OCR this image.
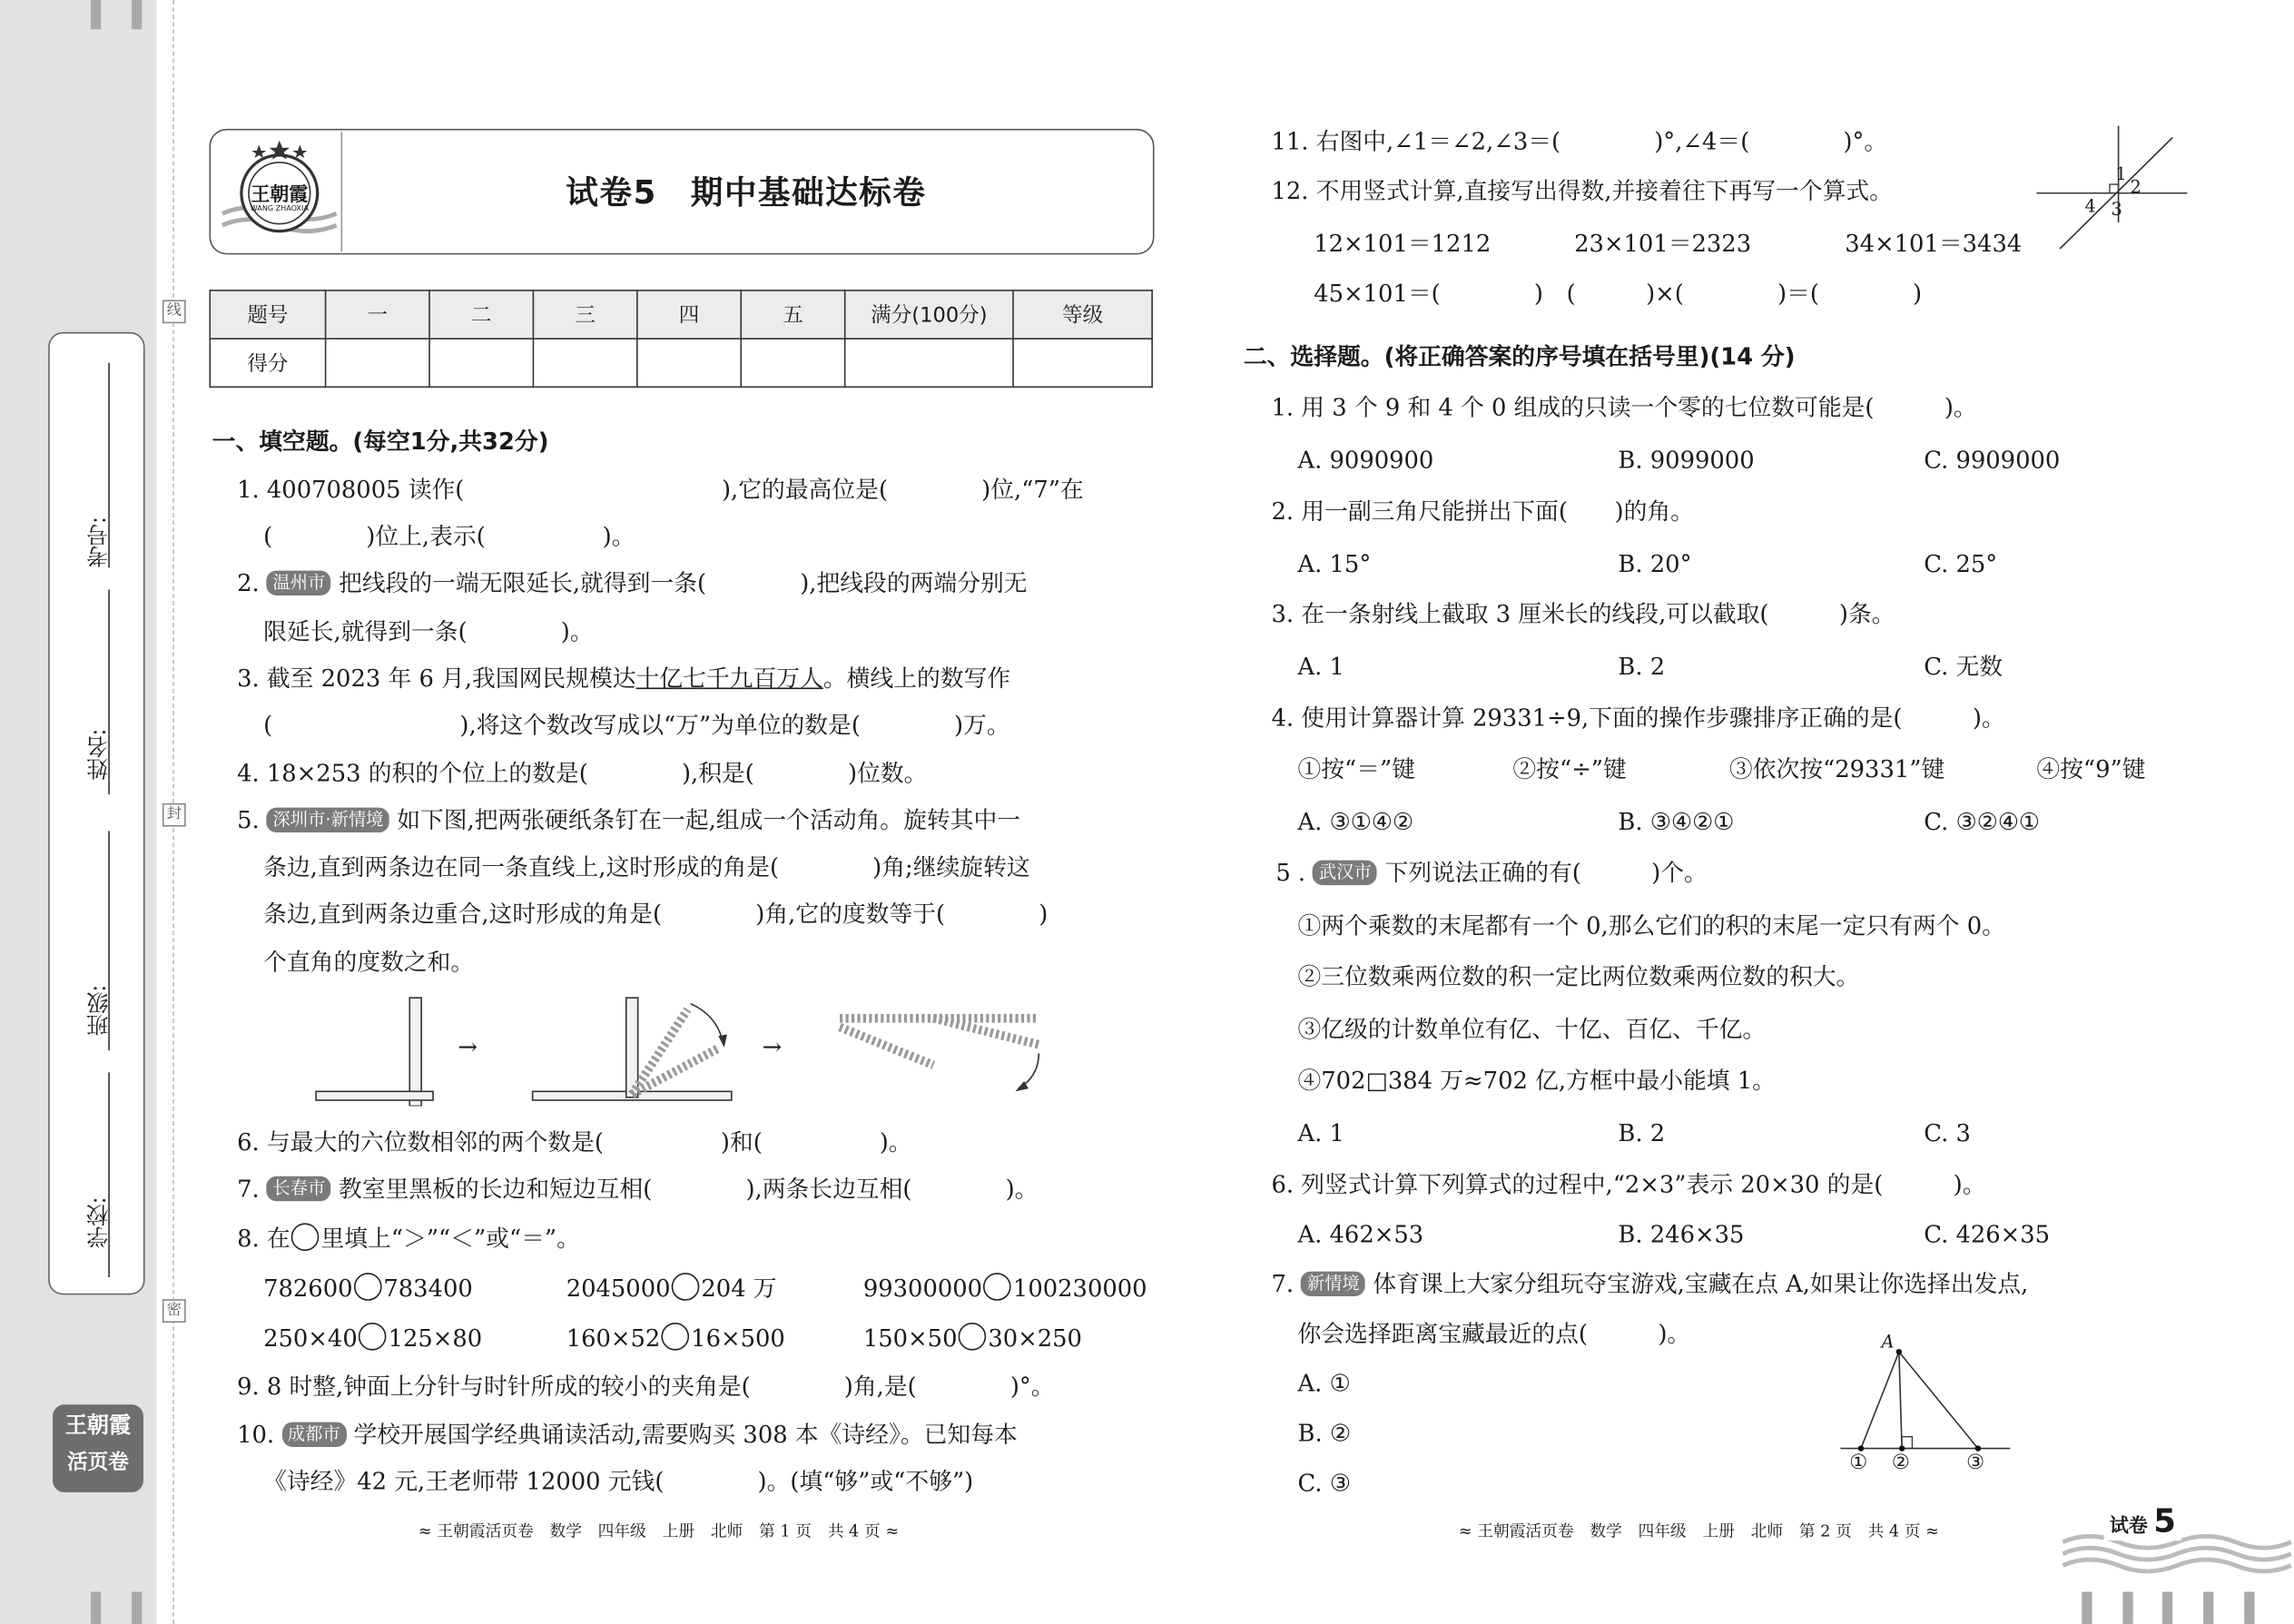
线
封
密
考号:
姓名:
班级:
学校:
王朝霞
活页卷
王朝霞
WANG ZHAOXIA	试卷5　期中基础达标卷
题号	一	二	三	四	五	满分(100分)	等级
得分							
一、填空题。(每空1分,共32分)
1. 400708005 读作(　　　　　　　　　　　),它的最高位是(　　　　)位,“7”在
(　　　　)位上,表示(　　　　　)。
2. 温州市 把线段的一端无限延长,就得到一条(　　　　),把线段的两端分别无
限延长,就得到一条(　　　　)。
3. 截至 2023 年 6 月,我国网民规模达十亿七千九百万人。横线上的数写作
(　　　　　　　　),将这个数改写成以“万”为单位的数是(　　　　)万。
4. 18×253 的积的个位上的数是(　　　　),积是(　　　　)位数。
5. 深圳市·新情境 如下图,把两张硬纸条钉在一起,组成一个活动角。旋转其中一
条边,直到两条边在同一条直线上,这时形成的角是(　　　　)角;继续旋转这
条边,直到两条边重合,这时形成的角是(　　　　)角,它的度数等于(　　　　)
个直角的度数之和。
→	→
6. 与最大的六位数相邻的两个数是(　　　　　)和(　　　　　)。
7. 长春市 教室里黑板的长边和短边互相(　　　　),两条长边互相(　　　　)。
8. 在 里填上“＞”“＜”或“＝”。
782600 783400	2045000 204 万	99300000 100230000
250×40 125×80	160×52 16×500	150×50 30×250
9. 8 时整,钟面上分针与时针所成的较小的夹角是(　　　　)角,是(　　　　)°。
10. 成都市 学校开展国学经典诵读活动,需要购买 308 本《诗经》。已知每本
《诗经》42 元,王老师带 12000 元钱(　　　　)。(填“够”或“不够”)
≈ 王朝霞活页卷　数学　四年级　上册　北师　第 1 页　共 4 页 ≈
11. 右图中,∠1＝∠2,∠3＝(　　　　)°,∠4＝(　　　　)°。
12. 不用竖式计算,直接写出得数,并接着往下再写一个算式。
1
2
4 3
12×101＝1212	23×101＝2323	34×101＝3434
45×101＝(　　　　)　(　　　)×(　　　　)＝(　　　　)
二、选择题。(将正确答案的序号填在括号里)(14 分)
1. 用 3 个 9 和 4 个 0 组成的只读一个零的七位数可能是(　　　)。
A. 9090900	B. 9099000	C. 9909000
2. 用一副三角尺能拼出下面(　　)的角。
A. 15°	B. 20°	C. 25°
3. 在一条射线上截取 3 厘米长的线段,可以截取(　　　)条。
A. 1	B. 2	C. 无数
4. 使用计算器计算 29331÷9,下面的操作步骤排序正确的是(　　　)。
①按“＝”键	②按“÷”键	③依次按“29331”键	④按“9”键
A. ③①④②	B. ③④②①	C. ③②④①
5 . 武汉市 下列说法正确的有(　　　)个。
①两个乘数的末尾都有一个 0,那么它们的积的末尾一定只有两个 0。
②三位数乘两位数的积一定比两位数乘两位数的积大。
③亿级的计数单位有亿、十亿、百亿、千亿。
④702□384 万≈702 亿,方框中最小能填 1。
A. 1	B. 2	C. 3
6. 列竖式计算下列算式的过程中,“2×3”表示 20×30 的是(　　　)。
A. 462×53	B. 246×35	C. 426×35
7. 新情境 体育课上大家分组玩夺宝游戏,宝藏在点 A,如果让你选择出发点,
你会选择距离宝藏最近的点(　　　)。
A. ①
B. ②
C. ③
A
① ②	③
≈ 王朝霞活页卷　数学　四年级　上册　北师　第 2 页　共 4 页 ≈	试卷 5
